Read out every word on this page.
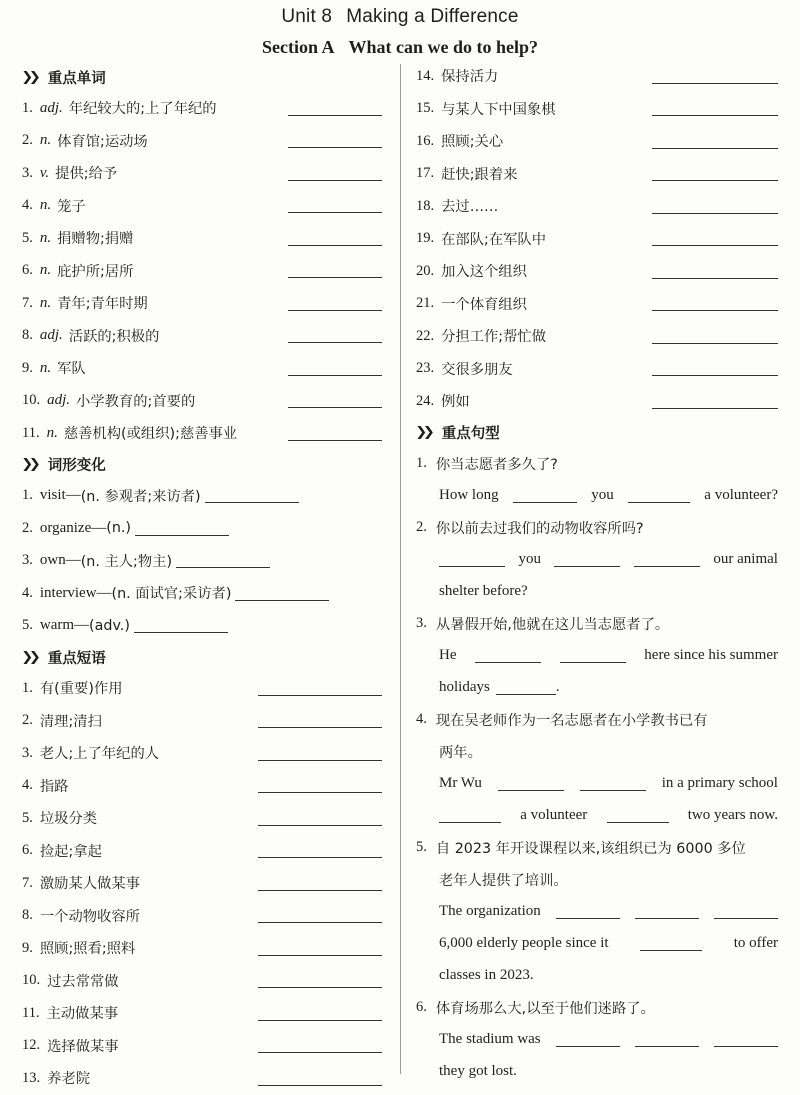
Unit 8 Making a Difference
Section A What can we do to help?
❯❯ 重点单词
1. adj. 年纪较大的;上了年纪的
2. n. 体育馆;运动场
3. v. 提供;给予
4. n. 笼子
5. n. 捐赠物;捐赠
6. n. 庇护所;居所
7. n. 青年;青年时期
8. adj. 活跃的;积极的
9. n. 军队
10. adj. 小学教育的;首要的
11. n. 慈善机构(或组织);慈善事业
❯❯ 词形变化
1. visit— (n. 参观者;来访者)
2. organize— (n.)
3. own— (n. 主人;物主)
4. interview— (n. 面试官;采访者)
5. warm— (adv.)
❯❯ 重点短语
1. 有(重要)作用
2. 清理;清扫
3. 老人;上了年纪的人
4. 指路
5. 垃圾分类
6. 捡起;拿起
7. 激励某人做某事
8. 一个动物收容所
9. 照顾;照看;照料
10. 过去常常做
11. 主动做某事
12. 选择做某事
13. 养老院
14. 保持活力
15. 与某人下中国象棋
16. 照顾;关心
17. 赶快;跟着来
18. 去过……
19. 在部队;在军队中
20. 加入这个组织
21. 一个体育组织
22. 分担工作;帮忙做
23. 交很多朋友
24. 例如
❯❯ 重点句型
1. 你当志愿者多久了?
How long	you	a volunteer?
2. 你以前去过我们的动物收容所吗?
you	our animal
shelter before?
3. 从暑假开始,他就在这儿当志愿者了。
He	here since his summer
holidays	.
4. 现在吴老师作为一名志愿者在小学教书已有
两年。
Mr Wu	in a primary school
a volunteer	two years now.
5. 自 2023 年开设课程以来,该组织已为 6000 多位
老年人提供了培训。
The organization
6,000 elderly people since it	to offer
classes in 2023.
6. 体育场那么大,以至于他们迷路了。
The stadium was
they got lost.
